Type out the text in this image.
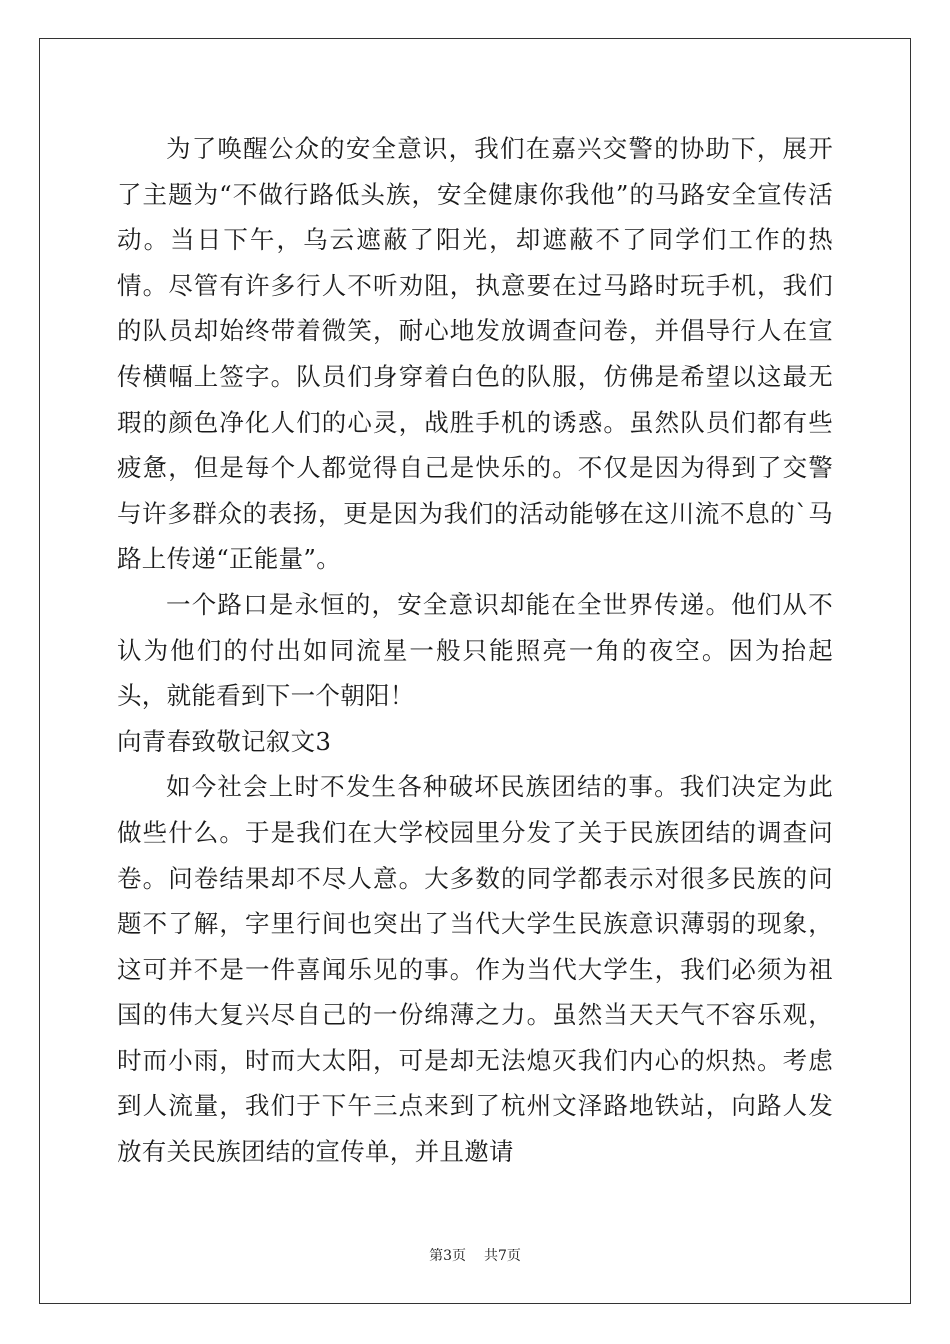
为了唤醒公众的安全意识，我们在嘉兴交警的协助下，展开了主题为“不做行路低头族，安全健康你我他”的马路安全宣传活动。当日下午，乌云遮蔽了阳光，却遮蔽不了同学们工作的热情。尽管有许多行人不听劝阻，执意要在过马路时玩手机，我们的队员却始终带着微笑，耐心地发放调查问卷，并倡导行人在宣传横幅上签字。队员们身穿着白色的队服，仿佛是希望以这最无瑕的颜色净化人们的心灵，战胜手机的诱惑。虽然队员们都有些疲惫，但是每个人都觉得自己是快乐的。不仅是因为得到了交警与许多群众的表扬，更是因为我们的活动能够在这川流不息的`马路上传递“正能量”。

一个路口是永恒的，安全意识却能在全世界传递。他们从不认为他们的付出如同流星一般只能照亮一角的夜空。因为抬起头，就能看到下一个朝阳！

向青春致敬记叙文3

如今社会上时不发生各种破坏民族团结的事。我们决定为此做些什么。于是我们在大学校园里分发了关于民族团结的调查问卷。问卷结果却不尽人意。大多数的同学都表示对很多民族的问题不了解，字里行间也突出了当代大学生民族意识薄弱的现象，这可并不是一件喜闻乐见的事。作为当代大学生，我们必须为祖国的伟大复兴尽自己的一份绵薄之力。虽然当天天气不容乐观，时而小雨，时而大太阳，可是却无法熄灭我们内心的炽热。考虑到人流量，我们于下午三点来到了杭州文泽路地铁站，向路人发放有关民族团结的宣传单，并且邀请

第3页 共7页
